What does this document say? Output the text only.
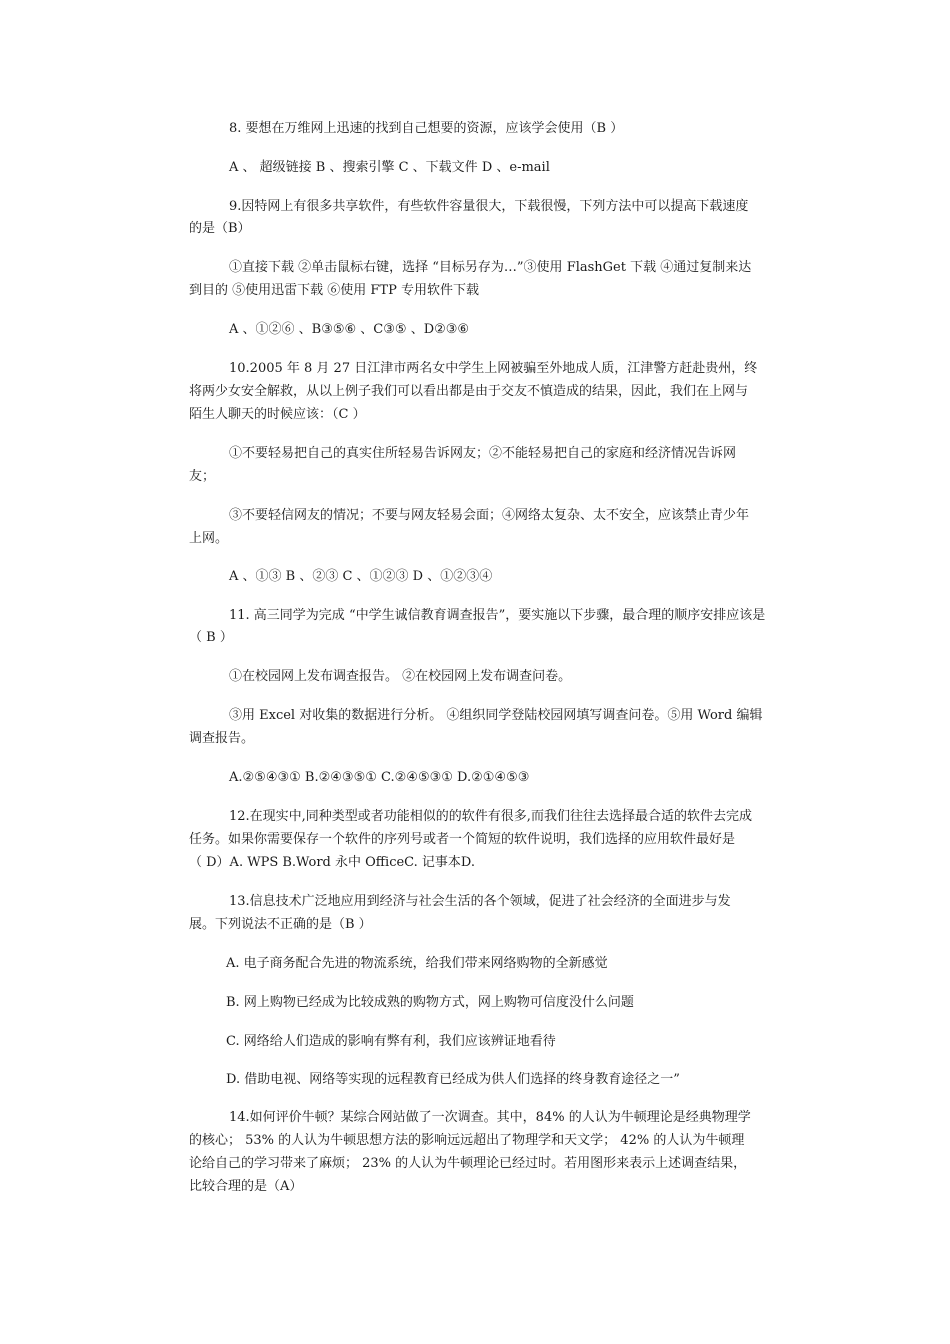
8. 要想在万维网上迅速的找到自己想要的资源，应该学会使用（B ）

A 、 超级链接 B 、搜索引擎 C 、下载文件 D 、e-mail

9.因特网上有很多共享软件，有些软件容量很大，下载很慢，下列方法中可以提高下载速度

的是（B）

①直接下载 ②单击鼠标右键，选择 “目标另存为…”③使用 FlashGet 下载 ④通过复制来达

到目的 ⑤使用迅雷下载 ⑥使用 FTP 专用软件下载

A 、①②⑥ 、B③⑤⑥ 、C③⑤ 、D②③⑥

10.2005 年 8 月 27 日江津市两名女中学生上网被骗至外地成人质，江津警方赶赴贵州，终

将两少女安全解救，从以上例子我们可以看出都是由于交友不慎造成的结果，因此，我们在上网与

陌生人聊天的时候应该：（C ）

①不要轻易把自己的真实住所轻易告诉网友；②不能轻易把自己的家庭和经济情况告诉网

友；

③不要轻信网友的情况；不要与网友轻易会面；④网络太复杂、太不安全，应该禁止青少年

上网。

A 、①③ B 、②③ C 、①②③ D 、①②③④

11. 高三同学为完成 “中学生诚信教育调查报告”，要实施以下步骤，最合理的顺序安排应该是

（ B ）

①在校园网上发布调查报告。 ②在校园网上发布调查问卷。

③用 Excel 对收集的数据进行分析。 ④组织同学登陆校园网填写调查问卷。⑤用 Word 编辑

调查报告。

A.②⑤④③① B.②④③⑤① C.②④⑤③① D.②①④⑤③

12.在现实中,同种类型或者功能相似的的软件有很多,而我们往往去选择最合适的软件去完成

任务。如果你需要保存一个软件的序列号或者一个简短的软件说明，我们选择的应用软件最好是

（ D）A. WPS B.Word 永中 OfficeC. 记事本D.

13.信息技术广泛地应用到经济与社会生活的各个领域，促进了社会经济的全面进步与发

展。下列说法不正确的是（B ）

A. 电子商务配合先进的物流系统，给我们带来网络购物的全新感觉

B. 网上购物已经成为比较成熟的购物方式，网上购物可信度没什么问题

C. 网络给人们造成的影响有弊有利，我们应该辨证地看待

D. 借助电视、网络等实现的远程教育已经成为供人们选择的终身教育途径之一”

14.如何评价牛顿？某综合网站做了一次调查。其中，84% 的人认为牛顿理论是经典物理学

的核心； 53% 的人认为牛顿思想方法的影响远远超出了物理学和天文学； 42% 的人认为牛顿理

论给自己的学习带来了麻烦； 23% 的人认为牛顿理论已经过时。若用图形来表示上述调查结果，

比较合理的是（A）
